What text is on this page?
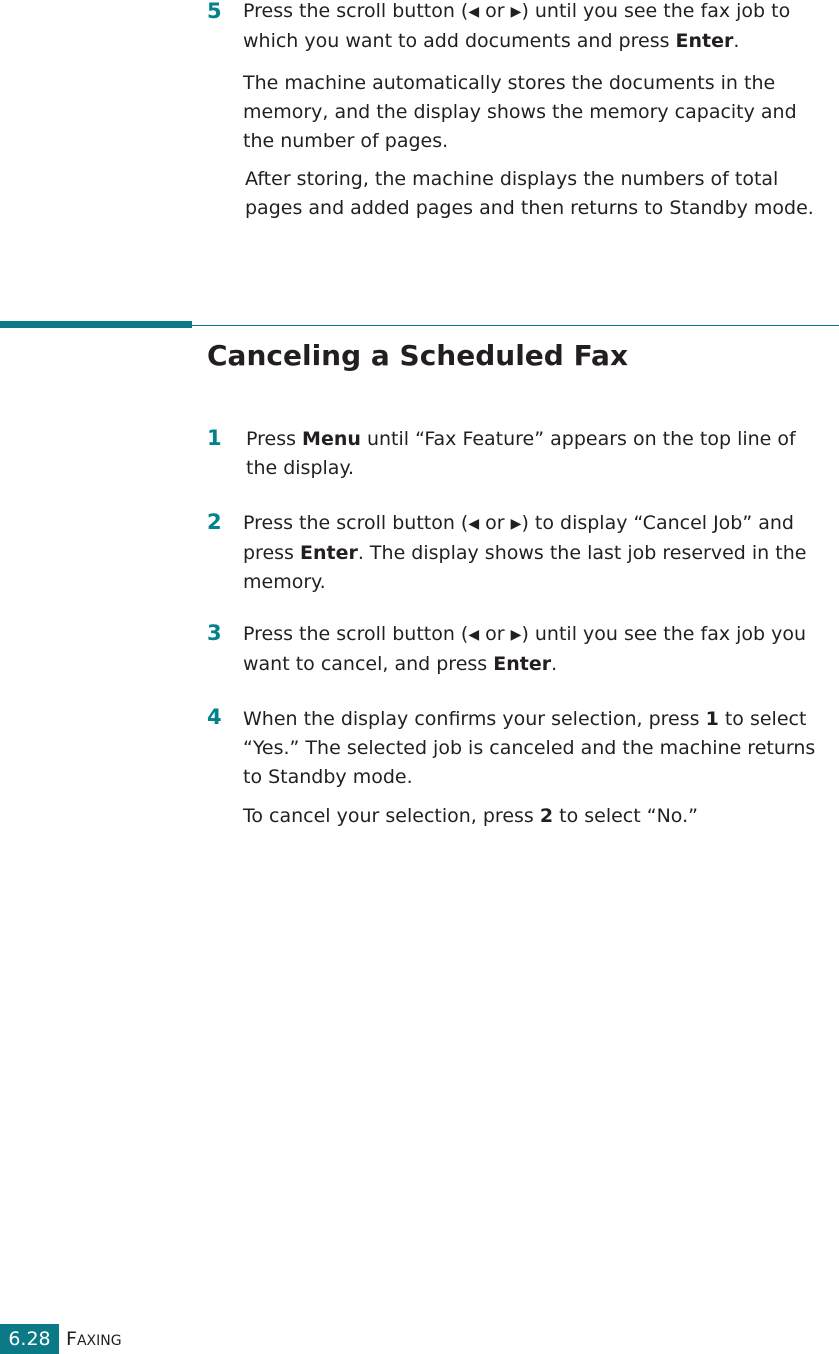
5 Press the scroll button (◀ or ▶) until you see the fax job to which you want to add documents and press Enter.

The machine automatically stores the documents in the memory, and the display shows the memory capacity and the number of pages.

After storing, the machine displays the numbers of total pages and added pages and then returns to Standby mode.

Canceling a Scheduled Fax
1 Press Menu until “Fax Feature” appears on the top line of the display.

2 Press the scroll button (◀ or ▶) to display “Cancel Job” and press Enter. The display shows the last job reserved in the memory.

3 Press the scroll button (◀ or ▶) until you see the fax job you want to cancel, and press Enter.

4 When the display confirms your selection, press 1 to select “Yes.” The selected job is canceled and the machine returns to Standby mode.

To cancel your selection, press 2 to select “No.”

6.28 FAXING
